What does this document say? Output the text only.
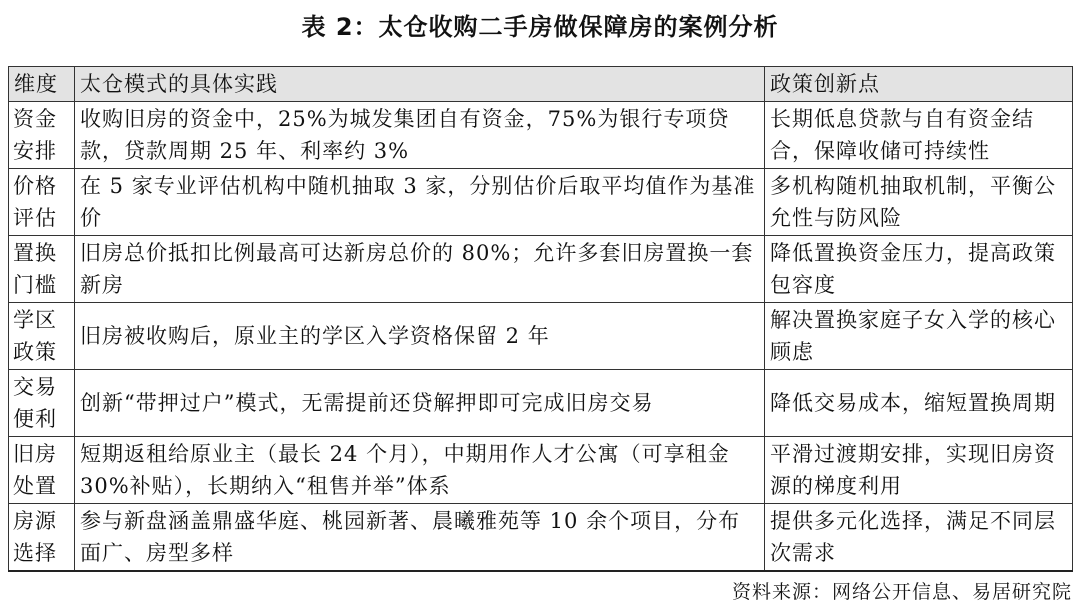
表 2：太仓收购二手房做保障房的案例分析
维度	太仓模式的具体实践	政策创新点
资金安排	收购旧房的资金中，25%为城发集团自有资金，75%为银行专项贷款，贷款周期 25 年、利率约 3%	长期低息贷款与自有资金结合，保障收储可持续性
价格评估	在 5 家专业评估机构中随机抽取 3 家，分别估价后取平均值作为基准价	多机构随机抽取机制，平衡公允性与防风险
置换门槛	旧房总价抵扣比例最高可达新房总价的 80%；允许多套旧房置换一套新房	降低置换资金压力，提高政策包容度
学区政策	旧房被收购后，原业主的学区入学资格保留 2 年	解决置换家庭子女入学的核心顾虑
交易便利	创新“带押过户”模式，无需提前还贷解押即可完成旧房交易	降低交易成本，缩短置换周期
旧房处置	短期返租给原业主（最长 24 个月），中期用作人才公寓（可享租金 30%补贴），长期纳入“租售并举”体系	平滑过渡期安排，实现旧房资源的梯度利用
房源选择	参与新盘涵盖鼎盛华庭、桃园新著、晨曦雅苑等 10 余个项目，分布面广、房型多样	提供多元化选择，满足不同层次需求
资料来源：网络公开信息、易居研究院
